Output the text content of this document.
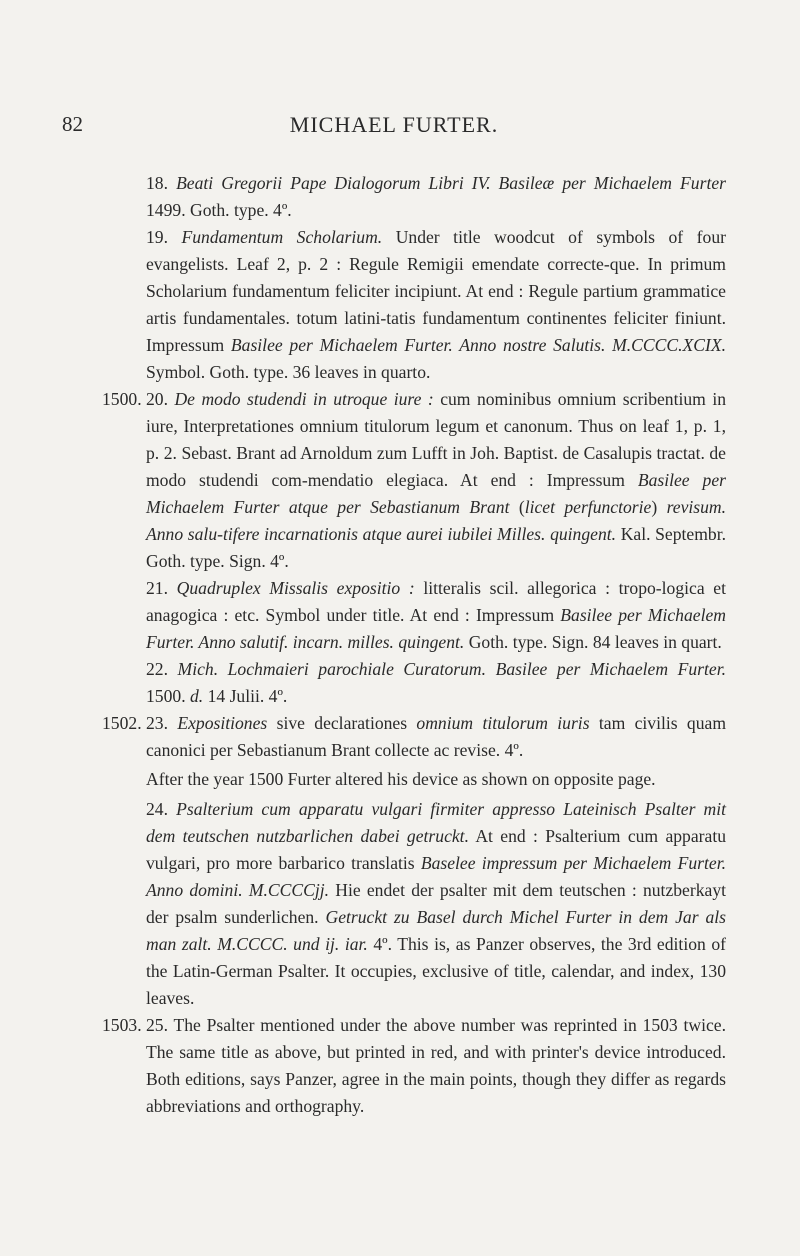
82	MICHAEL FURTER.

18. Beati Gregorii Pape Dialogorum Libri IV. Basileæ per Michaelem Furter 1499. Goth. type. 4º.

19. Fundamentum Scholarium. Under title woodcut of symbols of four evangelists. Leaf 2, p. 2 : Regule Remigii emendate correcte-que. In primum Scholarium fundamentum feliciter incipiunt. At end : Regule partium grammatice artis fundamentales. totum latini-tatis fundamentum continentes feliciter finiunt. Impressum Basilee per Michaelem Furter. Anno nostre Salutis. M.CCCC.XCIX. Symbol. Goth. type. 36 leaves in quarto.

1500. 20. De modo studendi in utroque iure : cum nominibus omnium scribentium in iure, Interpretationes omnium titulorum legum et canonum. Thus on leaf 1, p. 1, p. 2. Sebast. Brant ad Arnoldum zum Lufft in Joh. Baptist. de Casalupis tractat. de modo studendi com-mendatio elegiaca. At end : Impressum Basilee per Michaelem Furter atque per Sebastianum Brant (licet perfunctorie) revisum. Anno salu-tifere incarnationis atque aurei iubilei Milles. quingent. Kal. Septembr. Goth. type. Sign. 4º.

21. Quadruplex Missalis expositio : litteralis scil. allegorica : tropo-logica et anagogica : etc. Symbol under title. At end : Impressum Basilee per Michaelem Furter. Anno salutif. incarn. milles. quingent. Goth. type. Sign. 84 leaves in quart.

22. Mich. Lochmaieri parochiale Curatorum. Basilee per Michaelem Furter. 1500. d. 14 Julii. 4º.

1502. 23. Expositiones sive declarationes omnium titulorum iuris tam civilis quam canonici per Sebastianum Brant collecte ac revise. 4º.

After the year 1500 Furter altered his device as shown on opposite page.

24. Psalterium cum apparatu vulgari firmiter appresso Lateinisch Psalter mit dem teutschen nutzbarlichen dabei getruckt. At end : Psalterium cum apparatu vulgari, pro more barbarico translatis Baselee impressum per Michaelem Furter. Anno domini. M.CCCCjj. Hie endet der psalter mit dem teutschen : nutzberkayt der psalm sunderlichen. Getruckt zu Basel durch Michel Furter in dem Jar als man zalt. M.CCCC. und ij. iar. 4º. This is, as Panzer observes, the 3rd edition of the Latin-German Psalter. It occupies, exclusive of title, calendar, and index, 130 leaves.

1503. 25. The Psalter mentioned under the above number was reprinted in 1503 twice. The same title as above, but printed in red, and with printer's device introduced. Both editions, says Panzer, agree in the main points, though they differ as regards abbreviations and orthography.
